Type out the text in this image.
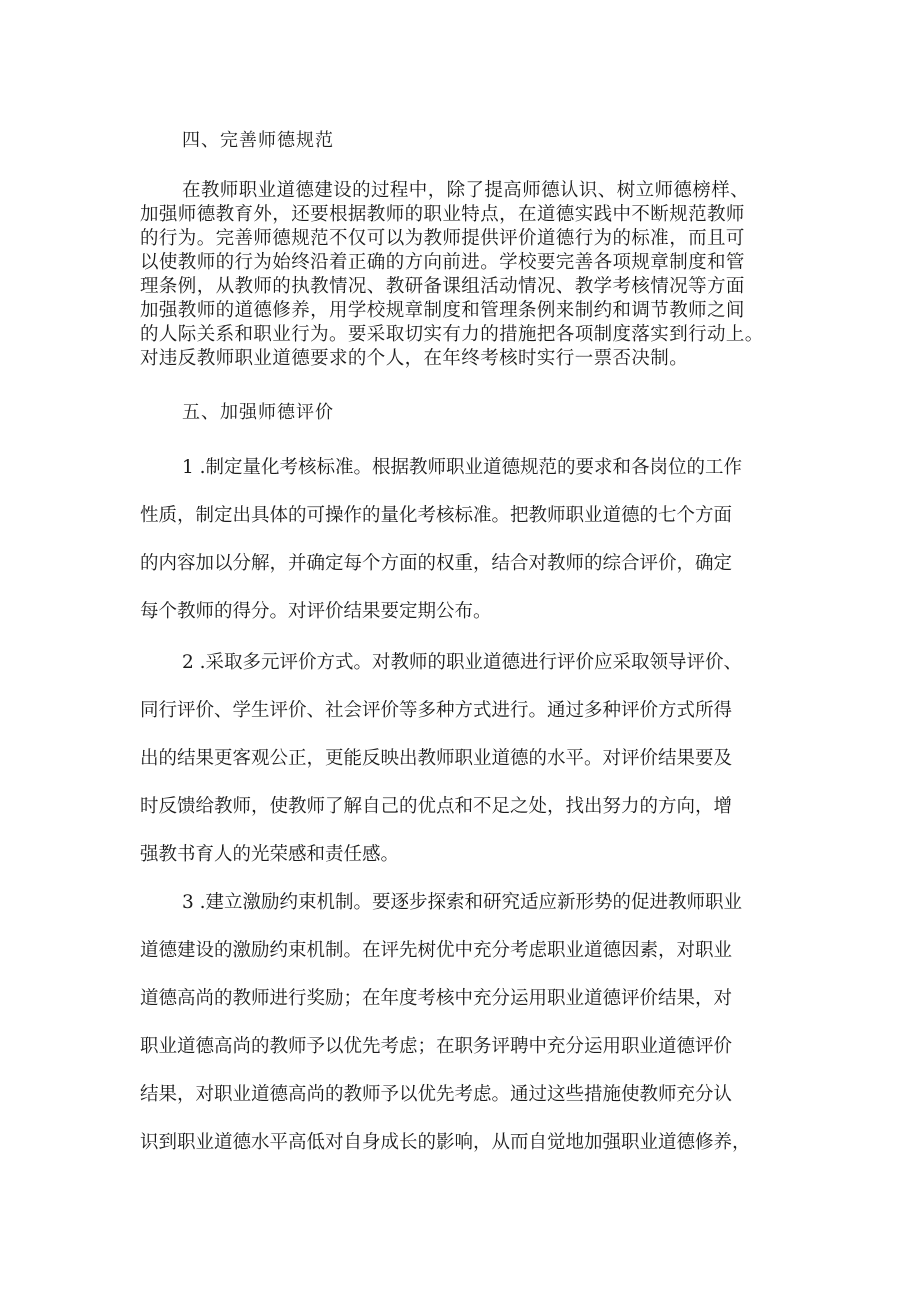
四、完善师德规范
在教师职业道德建设的过程中，除了提高师德认识、树立师德榜样、
加强师德教育外，还要根据教师的职业特点，在道德实践中不断规范教师
的行为。完善师德规范不仅可以为教师提供评价道德行为的标准，而且可
以使教师的行为始终沿着正确的方向前进。学校要完善各项规章制度和管
理条例，从教师的执教情况、教研备课组活动情况、教学考核情况等方面
加强教师的道德修养，用学校规章制度和管理条例来制约和调节教师之间
的人际关系和职业行为。要采取切实有力的措施把各项制度落实到行动上。
对违反教师职业道德要求的个人，在年终考核时实行一票否决制。
五、加强师德评价
1 .制定量化考核标准。根据教师职业道德规范的要求和各岗位的工作
性质，制定出具体的可操作的量化考核标准。把教师职业道德的七个方面
的内容加以分解，并确定每个方面的权重，结合对教师的综合评价，确定
每个教师的得分。对评价结果要定期公布。
2 .采取多元评价方式。对教师的职业道德进行评价应采取领导评价、
同行评价、学生评价、社会评价等多种方式进行。通过多种评价方式所得
出的结果更客观公正，更能反映出教师职业道德的水平。对评价结果要及
时反馈给教师，使教师了解自己的优点和不足之处，找出努力的方向，增
强教书育人的光荣感和责任感。
3 .建立激励约束机制。要逐步探索和研究适应新形势的促进教师职业
道德建设的激励约束机制。在评先树优中充分考虑职业道德因素，对职业
道德高尚的教师进行奖励；在年度考核中充分运用职业道德评价结果，对
职业道德高尚的教师予以优先考虑；在职务评聘中充分运用职业道德评价
结果，对职业道德高尚的教师予以优先考虑。通过这些措施使教师充分认
识到职业道德水平高低对自身成长的影响，从而自觉地加强职业道德修养，
